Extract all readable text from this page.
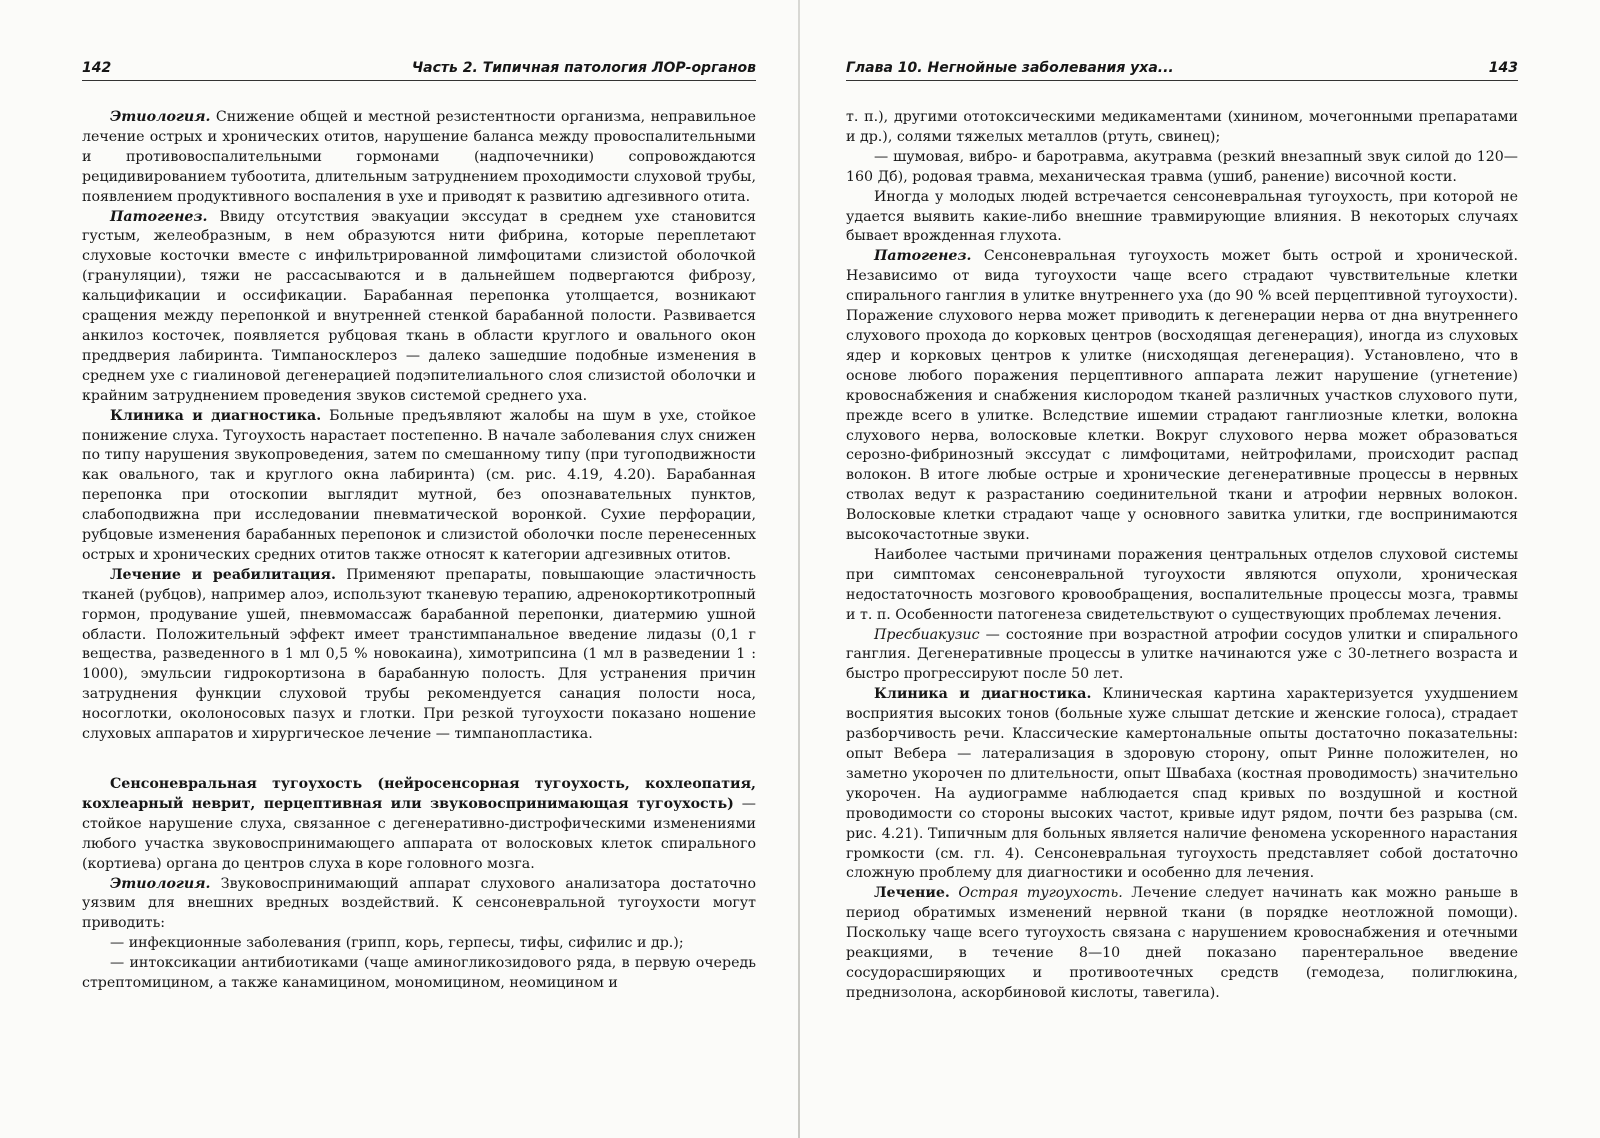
142	Часть 2. Типичная патология ЛОР-органов

Этиология. Снижение общей и местной резистентности организма, неправильное лечение острых и хронических отитов, нарушение баланса между провоспалительными и противовоспалительными гормонами (надпочечники) сопровождаются рецидивированием тубоотита, длительным затруднением проходимости слуховой трубы, появлением продуктивного воспаления в ухе и приводят к развитию адгезивного отита.

Патогенез. Ввиду отсутствия эвакуации экссудат в среднем ухе становится густым, желеобразным, в нем образуются нити фибрина, которые переплетают слуховые косточки вместе с инфильтрированной лимфоцитами слизистой оболочкой (грануляции), тяжи не рассасываются и в дальнейшем подвергаются фиброзу, кальцификации и оссификации. Барабанная перепонка утолщается, возникают сращения между перепонкой и внутренней стенкой барабанной полости. Развивается анкилоз косточек, появляется рубцовая ткань в области круглого и овального окон преддверия лабиринта. Тимпаносклероз — далеко зашедшие подобные изменения в среднем ухе с гиалиновой дегенерацией подэпителиального слоя слизистой оболочки и крайним затруднением проведения звуков системой среднего уха.

Клиника и диагностика. Больные предъявляют жалобы на шум в ухе, стойкое понижение слуха. Тугоухость нарастает постепенно. В начале заболевания слух снижен по типу нарушения звукопроведения, затем по смешанному типу (при тугоподвижности как овального, так и круглого окна лабиринта) (см. рис. 4.19, 4.20). Барабанная перепонка при отоскопии выглядит мутной, без опознавательных пунктов, слабоподвижна при исследовании пневматической воронкой. Сухие перфорации, рубцовые изменения барабанных перепонок и слизистой оболочки после перенесенных острых и хронических средних отитов также относят к категории адгезивных отитов.

Лечение и реабилитация. Применяют препараты, повышающие эластичность тканей (рубцов), например алоэ, используют тканевую терапию, адренокортикотропный гормон, продувание ушей, пневмомассаж барабанной перепонки, диатермию ушной области. Положительный эффект имеет транстимпанальное введение лидазы (0,1 г вещества, разведенного в 1 мл 0,5 % новокаина), химотрипсина (1 мл в разведении 1 : 1000), эмульсии гидрокортизона в барабанную полость. Для устранения причин затруднения функции слуховой трубы рекомендуется санация полости носа, носоглотки, околоносовых пазух и глотки. При резкой тугоухости показано ношение слуховых аппаратов и хирургическое лечение — тимпанопластика.

Сенсоневральная тугоухость (нейросенсорная тугоухость, кохлеопатия, кохлеарный неврит, перцептивная или звуковоспринимающая тугоухость) — стойкое нарушение слуха, связанное с дегенеративно-дистрофическими изменениями любого участка звуковоспринимающего аппарата от волосковых клеток спирального (кортиева) органа до центров слуха в коре головного мозга.

Этиология. Звуковоспринимающий аппарат слухового анализатора достаточно уязвим для внешних вредных воздействий. К сенсоневральной тугоухости могут приводить:

— инфекционные заболевания (грипп, корь, герпесы, тифы, сифилис и др.);

— интоксикации антибиотиками (чаще аминогликозидового ряда, в первую очередь стрептомицином, а также канамицином, мономицином, неомицином и

Глава 10. Негнойные заболевания уха...	143

т. п.), другими ототоксическими медикаментами (хинином, мочегонными препаратами и др.), солями тяжелых металлов (ртуть, свинец);

— шумовая, вибро- и баротравма, акутравма (резкий внезапный звук силой до 120—160 Дб), родовая травма, механическая травма (ушиб, ранение) височной кости.

Иногда у молодых людей встречается сенсоневральная тугоухость, при которой не удается выявить какие-либо внешние травмирующие влияния. В некоторых случаях бывает врожденная глухота.

Патогенез. Сенсоневральная тугоухость может быть острой и хронической. Независимо от вида тугоухости чаще всего страдают чувствительные клетки спирального ганглия в улитке внутреннего уха (до 90 % всей перцептивной тугоухости). Поражение слухового нерва может приводить к дегенерации нерва от дна внутреннего слухового прохода до корковых центров (восходящая дегенерация), иногда из слуховых ядер и корковых центров к улитке (нисходящая дегенерация). Установлено, что в основе любого поражения перцептивного аппарата лежит нарушение (угнетение) кровоснабжения и снабжения кислородом тканей различных участков слухового пути, прежде всего в улитке. Вследствие ишемии страдают ганглиозные клетки, волокна слухового нерва, волосковые клетки. Вокруг слухового нерва может образоваться серозно-фибринозный экссудат с лимфоцитами, нейтрофилами, происходит распад волокон. В итоге любые острые и хронические дегенеративные процессы в нервных стволах ведут к разрастанию соединительной ткани и атрофии нервных волокон. Волосковые клетки страдают чаще у основного завитка улитки, где воспринимаются высокочастотные звуки.

Наиболее частыми причинами поражения центральных отделов слуховой системы при симптомах сенсоневральной тугоухости являются опухоли, хроническая недостаточность мозгового кровообращения, воспалительные процессы мозга, травмы и т. п. Особенности патогенеза свидетельствуют о существующих проблемах лечения.

Пресбиакузис — состояние при возрастной атрофии сосудов улитки и спирального ганглия. Дегенеративные процессы в улитке начинаются уже с 30-летнего возраста и быстро прогрессируют после 50 лет.

Клиника и диагностика. Клиническая картина характеризуется ухудшением восприятия высоких тонов (больные хуже слышат детские и женские голоса), страдает разборчивость речи. Классические камертональные опыты достаточно показательны: опыт Вебера — латерализация в здоровую сторону, опыт Ринне положителен, но заметно укорочен по длительности, опыт Швабаха (костная проводимость) значительно укорочен. На аудиограмме наблюдается спад кривых по воздушной и костной проводимости со стороны высоких частот, кривые идут рядом, почти без разрыва (см. рис. 4.21). Типичным для больных является наличие феномена ускоренного нарастания громкости (см. гл. 4). Сенсоневральная тугоухость представляет собой достаточно сложную проблему для диагностики и особенно для лечения.

Лечение. Острая тугоухость. Лечение следует начинать как можно раньше в период обратимых изменений нервной ткани (в порядке неотложной помощи). Поскольку чаще всего тугоухость связана с нарушением кровоснабжения и отечными реакциями, в течение 8—10 дней показано парентеральное введение сосудорасширяющих и противоотечных средств (гемодеза, полиглюкина, преднизолона, аскорбиновой кислоты, тавегила).
